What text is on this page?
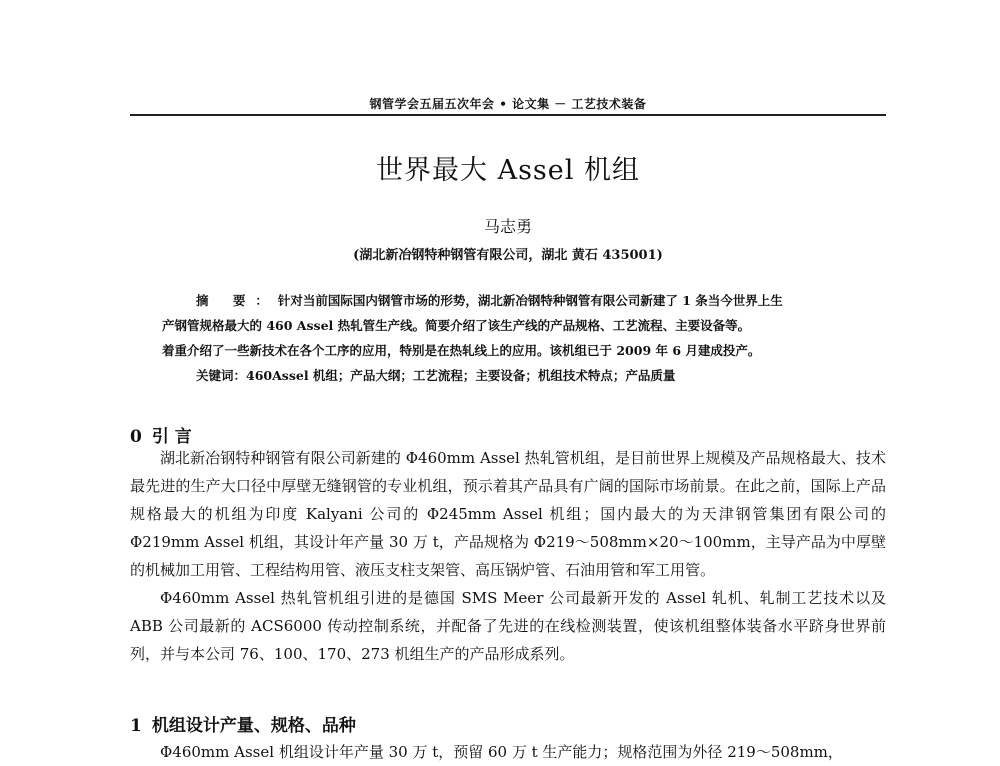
钢管学会五届五次年会 • 论文集 － 工艺技术装备
世界最大 Assel 机组
马志勇
(湖北新冶钢特种钢管有限公司，湖北 黄石 435001)
摘 要：针对当前国际国内钢管市场的形势，湖北新冶钢特种钢管有限公司新建了 1 条当今世界上生
产钢管规格最大的 460 Assel 热轧管生产线。简要介绍了该生产线的产品规格、工艺流程、主要设备等。
着重介绍了一些新技术在各个工序的应用，特别是在热轧线上的应用。该机组已于 2009 年 6 月建成投产。
关键词：460Assel 机组；产品大纲；工艺流程；主要设备；机组技术特点；产品质量
0 引 言

湖北新冶钢特种钢管有限公司新建的 Φ460mm Assel 热轧管机组，是目前世界上规模及产品规格最大、技术最先进的生产大口径中厚壁无缝钢管的专业机组，预示着其产品具有广阔的国际市场前景。在此之前，国际上产品规格最大的机组为印度 Kalyani 公司的 Φ245mm Assel 机组；国内最大的为天津钢管集团有限公司的 Φ219mm Assel 机组，其设计年产量 30 万 t，产品规格为 Φ219～508mm×20～100mm，主导产品为中厚壁的机械加工用管、工程结构用管、液压支柱支架管、高压锅炉管、石油用管和军工用管。

Φ460mm Assel 热轧管机组引进的是德国 SMS Meer 公司最新开发的 Assel 轧机、轧制工艺技术以及 ABB 公司最新的 ACS6000 传动控制系统，并配备了先进的在线检测装置，使该机组整体装备水平跻身世界前列，并与本公司 76、100、170、273 机组生产的产品形成系列。

1 机组设计产量、规格、品种

Φ460mm Assel 机组设计年产量 30 万 t，预留 60 万 t 生产能力；规格范围为外径 219～508mm，
